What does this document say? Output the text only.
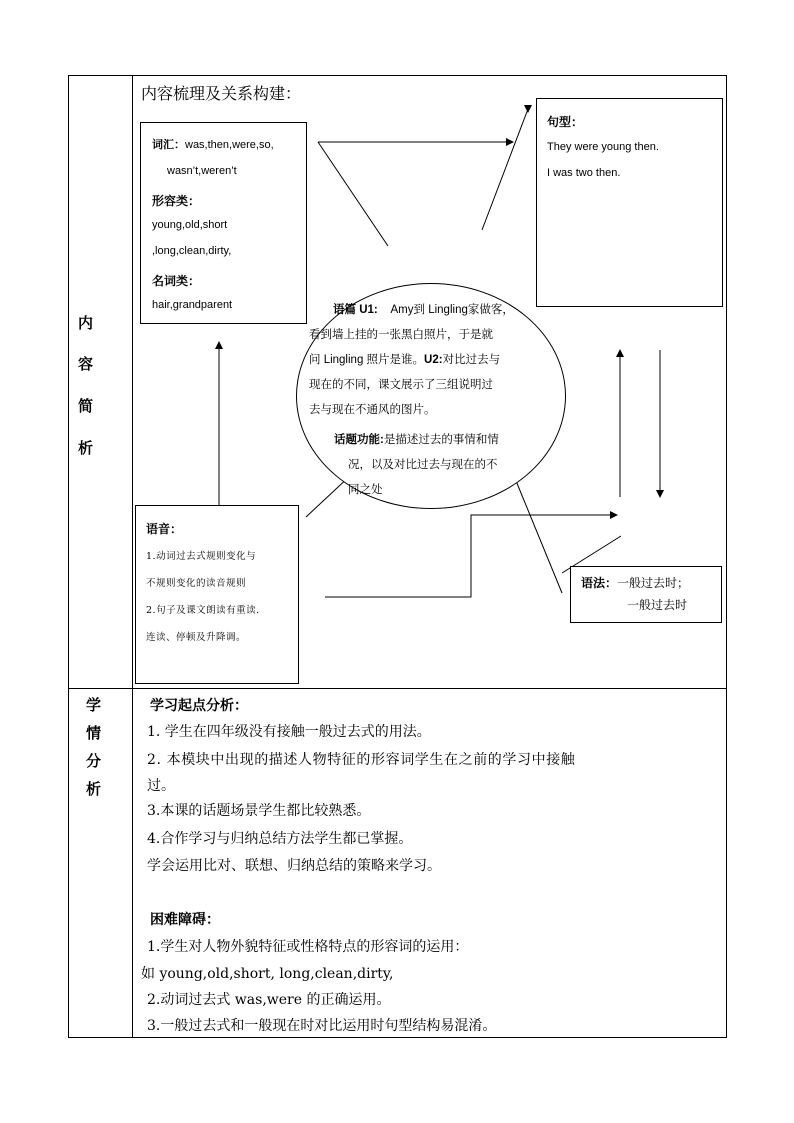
内
容
简
析
学
情
分
析
内容梳理及关系构建：
词汇：was,then,were,so,
wasn’t,weren’t
形容类：
young,old,short
,long,clean,dirty,
名词类：
hair,grandparent
句型：
They were young then.
I was two then.
语篇 U1: Amy到 Lingling家做客，
看到墙上挂的一张黑白照片，于是就
问 Lingling 照片是谁。U2:对比过去与
现在的不同，课文展示了三组说明过
去与现在不通风的图片。
话题功能:是描述过去的事情和情
况，以及对比过去与现在的不
同之处
语音：
1.动词过去式规则变化与
不规则变化的读音规则
2.句子及课文朗读有重读.
连读、停顿及升降调。
语法：一般过去时；
一般过去时
学习起点分析：
1. 学生在四年级没有接触一般过去式的用法。
2. 本模块中出现的描述人物特征的形容词学生在之前的学习中接触
过。
3.本课的话题场景学生都比较熟悉。
4.合作学习与归纳总结方法学生都已掌握。
学会运用比对、联想、归纳总结的策略来学习。
困难障碍：
1.学生对人物外貌特征或性格特点的形容词的运用：
如 young,old,short, long,clean,dirty,
2.动词过去式 was,were 的正确运用。
3.一般过去式和一般现在时对比运用时句型结构易混淆。
